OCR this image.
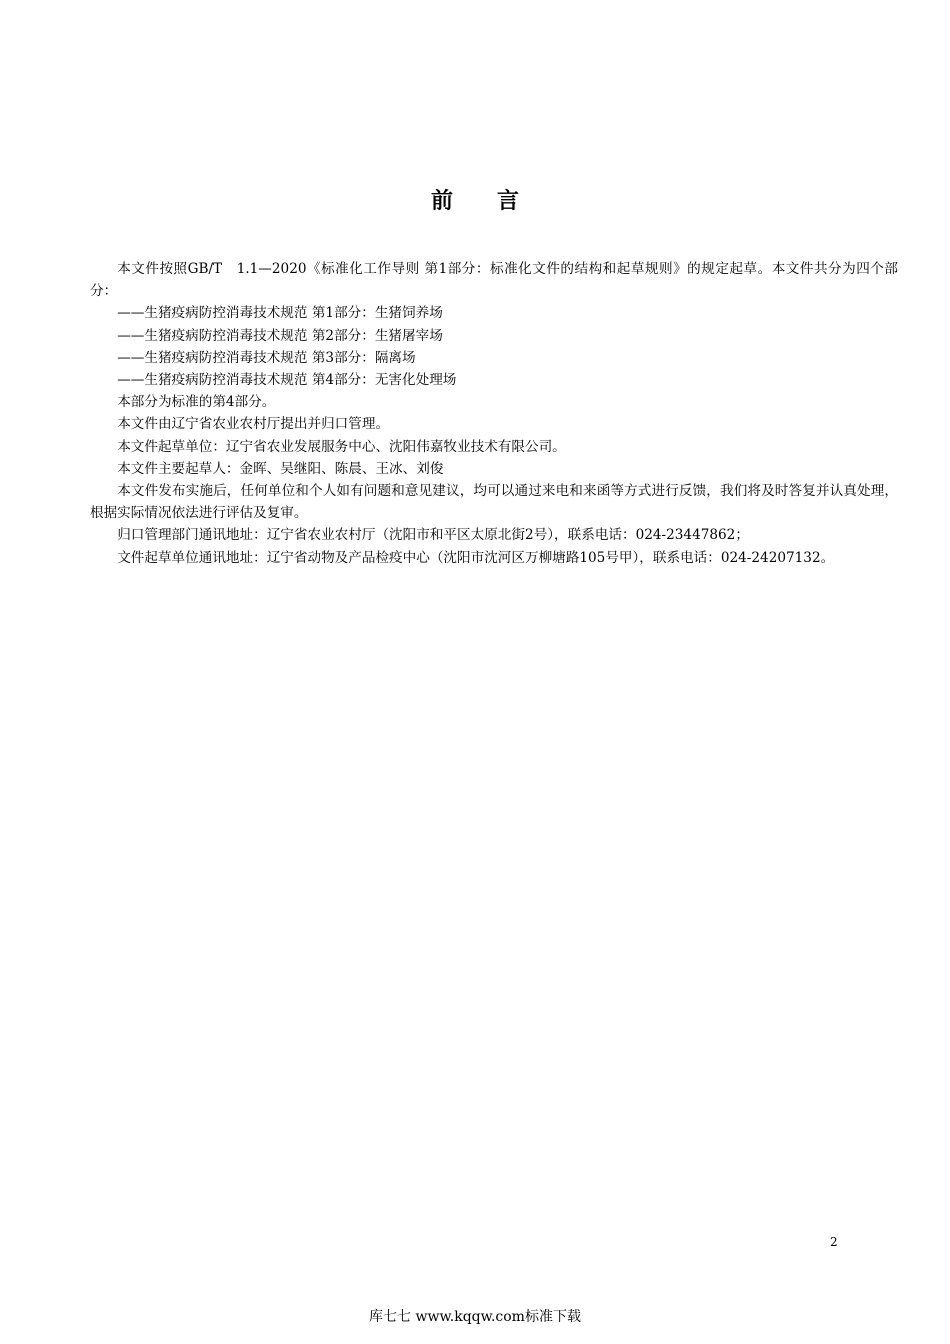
前言

本文件按照GB/T　1.1—2020《标准化工作导则 第1部分：标准化文件的结构和起草规则》的规定起草。本文件共分为四个部分：

——生猪疫病防控消毒技术规范 第1部分：生猪饲养场

——生猪疫病防控消毒技术规范 第2部分：生猪屠宰场

——生猪疫病防控消毒技术规范 第3部分：隔离场

——生猪疫病防控消毒技术规范 第4部分：无害化处理场

本部分为标准的第4部分。

本文件由辽宁省农业农村厅提出并归口管理。

本文件起草单位：辽宁省农业发展服务中心、沈阳伟嘉牧业技术有限公司。

本文件主要起草人：金晖、吴继阳、陈晨、王冰、刘俊

本文件发布实施后，任何单位和个人如有问题和意见建议，均可以通过来电和来函等方式进行反馈，我们将及时答复并认真处理，根据实际情况依法进行评估及复审。

归口管理部门通讯地址：辽宁省农业农村厅（沈阳市和平区太原北街2号），联系电话：024-23447862；

文件起草单位通讯地址：辽宁省动物及产品检疫中心（沈阳市沈河区万柳塘路105号甲），联系电话：024-24207132。

2
库七七 www.kqqw.com标准下载
